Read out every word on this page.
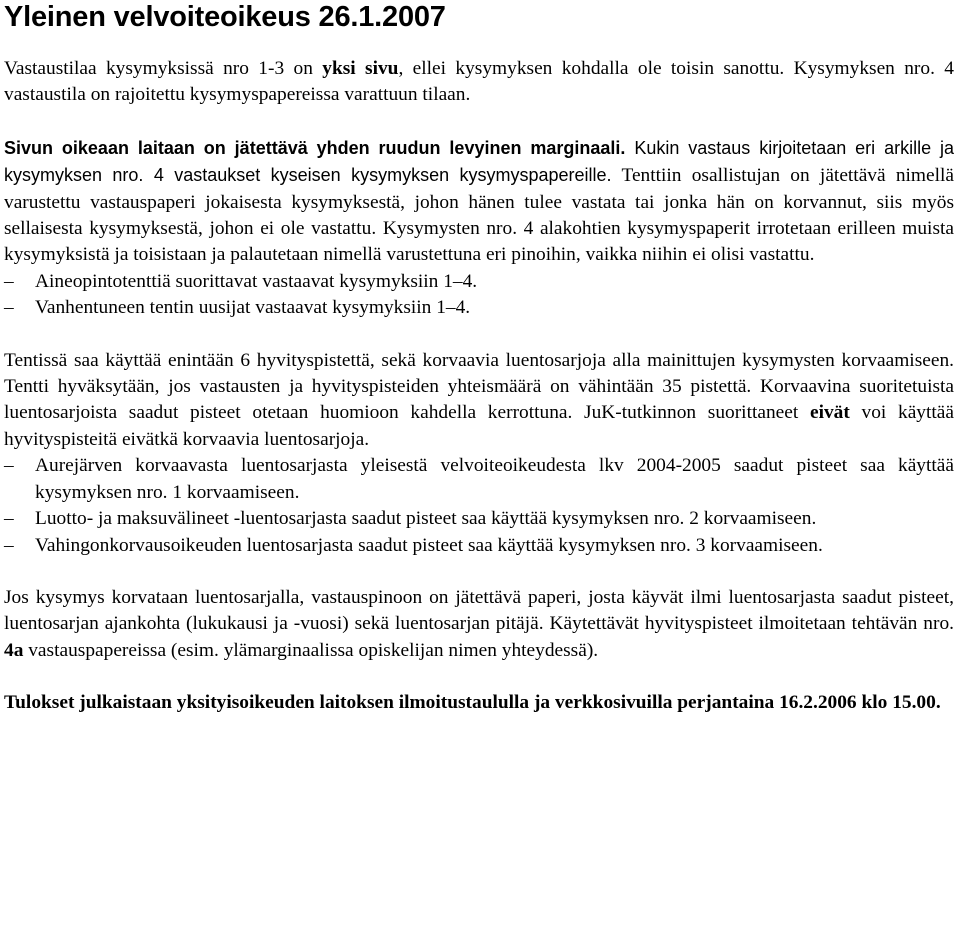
Yleinen velvoiteoikeus 26.1.2007

Vastaustilaa kysymyksissä nro 1-3 on yksi sivu, ellei kysymyksen kohdalla ole toisin sanottu. Kysymyksen nro. 4 vastaustila on rajoitettu kysymyspapereissa varattuun tilaan.

Sivun oikeaan laitaan on jätettävä yhden ruudun levyinen marginaali. Kukin vastaus kirjoitetaan eri arkille ja kysymyksen nro. 4 vastaukset kyseisen kysymyksen kysymyspapereille. Tenttiin osallistujan on jätettävä nimellä varustettu vastauspaperi jokaisesta kysymyksestä, johon hänen tulee vastata tai jonka hän on korvannut, siis myös sellaisesta kysymyksestä, johon ei ole vastattu. Kysymysten nro. 4 alakohtien kysymyspaperit irrotetaan erilleen muista kysymyksistä ja toisistaan ja palautetaan nimellä varustettuna eri pinoihin, vaikka niihin ei olisi vastattu.

–	Aineopintotenttiä suorittavat vastaavat kysymyksiin 1–4.
–	Vanhentuneen tentin uusijat vastaavat kysymyksiin 1–4.

Tentissä saa käyttää enintään 6 hyvityspistettä, sekä korvaavia luentosarjoja alla mainittujen kysymysten korvaamiseen. Tentti hyväksytään, jos vastausten ja hyvityspisteiden yhteismäärä on vähintään 35 pistettä. Korvaavina suoritetuista luentosarjoista saadut pisteet otetaan huomioon kahdella kerrottuna. JuK-tutkinnon suorittaneet eivät voi käyttää hyvityspisteitä eivätkä korvaavia luentosarjoja.

–	Aurejärven korvaavasta luentosarjasta yleisestä velvoiteoikeudesta lkv 2004-2005 saadut pisteet saa käyttää kysymyksen nro. 1 korvaamiseen.
–	Luotto- ja maksuvälineet -luentosarjasta saadut pisteet saa käyttää kysymyksen nro. 2 korvaamiseen.
–	Vahingonkorvausoikeuden luentosarjasta saadut pisteet saa käyttää kysymyksen nro. 3 korvaamiseen.

Jos kysymys korvataan luentosarjalla, vastauspinoon on jätettävä paperi, josta käyvät ilmi luentosarjasta saadut pisteet, luentosarjan ajankohta (lukukausi ja -vuosi) sekä luentosarjan pitäjä. Käytettävät hyvityspisteet ilmoitetaan tehtävän nro. 4a vastauspapereissa (esim. ylämarginaalissa opiskelijan nimen yhteydessä).

Tulokset julkaistaan yksityisoikeuden laitoksen ilmoitustaululla ja verkkosivuilla perjantaina 16.2.2006 klo 15.00.
